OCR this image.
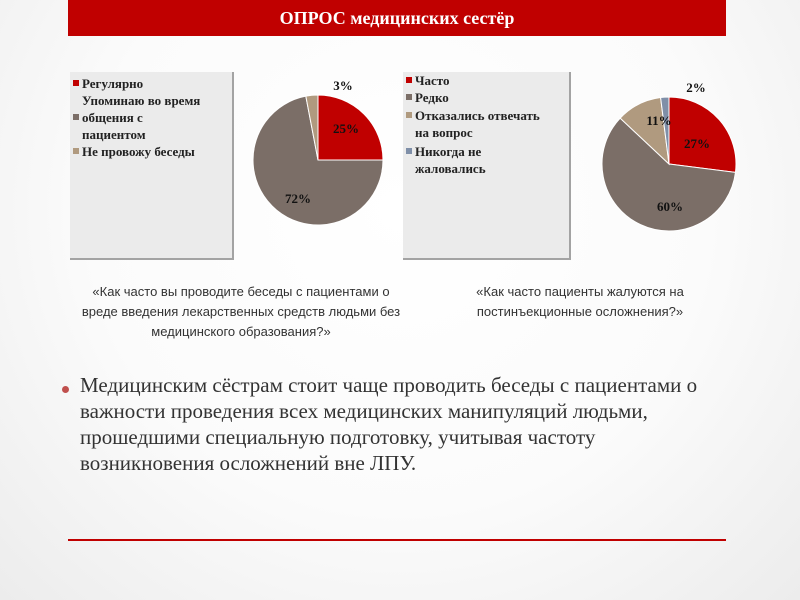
ОПРОС медицинских сестёр
Регулярно
Упоминаю во время
общения с
пациентом
Не провожу беседы
25%
72%
3%	Часто
Редко
Отказались отвечать
на вопрос
Никогда не
жаловались
27%
60%
11%
2%
«Как часто вы проводите беседы с пациентами о
вреде введения лекарственных средств людьми без
медицинского образования?»
«Как часто пациенты жалуются на
постинъекционные осложнения?»
Медицинским сёстрам стоит чаще проводить беседы с пациентами о важности проведения всех медицинских манипуляций людьми, прошедшими специальную подготовку, учитывая частоту возникновения осложнений вне ЛПУ.
